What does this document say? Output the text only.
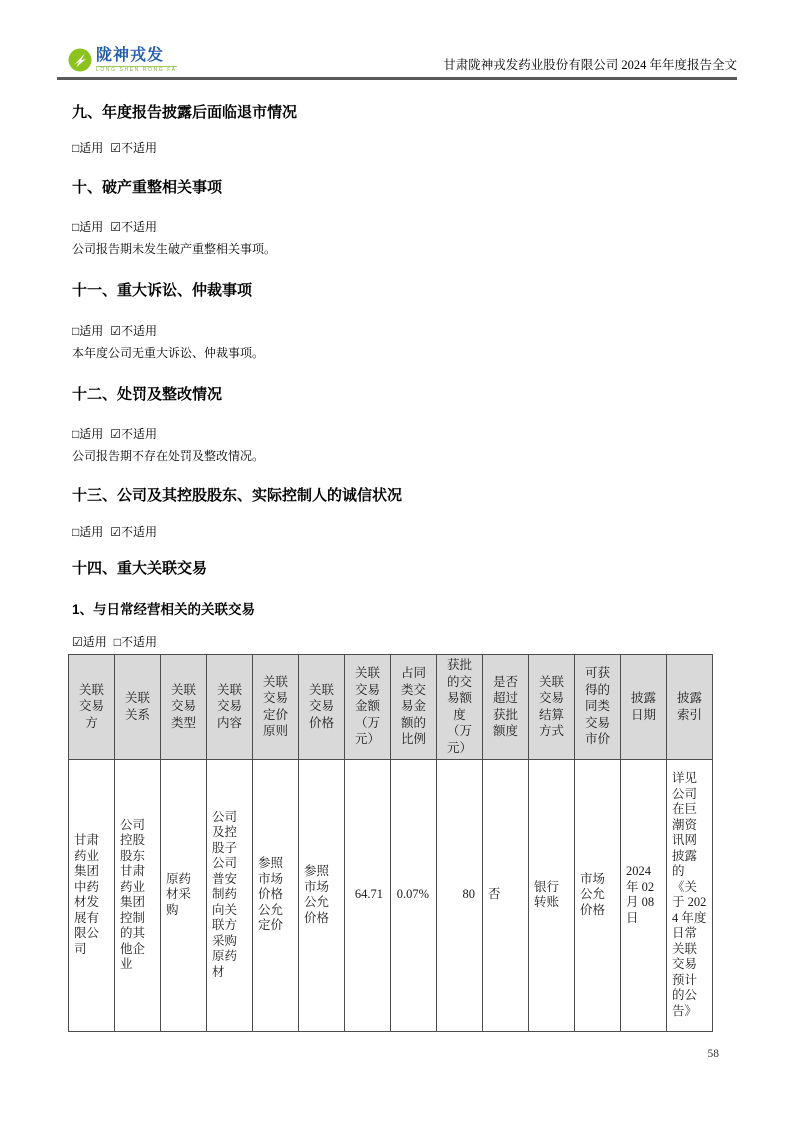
陇神戎发
LONG SHEN RONG FA	甘肃陇神戎发药业股份有限公司 2024 年年度报告全文
九、年度报告披露后面临退市情况
□适用 ☑不适用
十、破产重整相关事项
□适用 ☑不适用
公司报告期未发生破产重整相关事项。
十一、重大诉讼、仲裁事项
□适用 ☑不适用
本年度公司无重大诉讼、仲裁事项。
十二、处罚及整改情况
□适用 ☑不适用
公司报告期不存在处罚及整改情况。
十三、公司及其控股股东、实际控制人的诚信状况
□适用 ☑不适用
十四、重大关联交易
1、与日常经营相关的关联交易
☑适用 □不适用
关联交易方	关联关系	关联交易类型	关联交易内容	关联交易定价原则	关联交易价格	关联交易金额（万元）	占同类交易金额的比例	获批的交易额度（万元）	是否超过获批额度	关联交易结算方式	可获得的同类交易市价	披露日期	披露索引
甘肃药业集团中药材发展有限公司	公司控股股东甘肃药业集团控制的其他企业	原药材采购	公司及控股子公司普安制药向关联方采购原药材	参照市场价格公允定价	参照市场公允价格	64.71	0.07%	80	否	银行转账	市场公允价格	2024 年 02 月 08 日	详见公司在巨潮资讯网披露的《关于 2024 年度日常关联交易预计的公告》
58
